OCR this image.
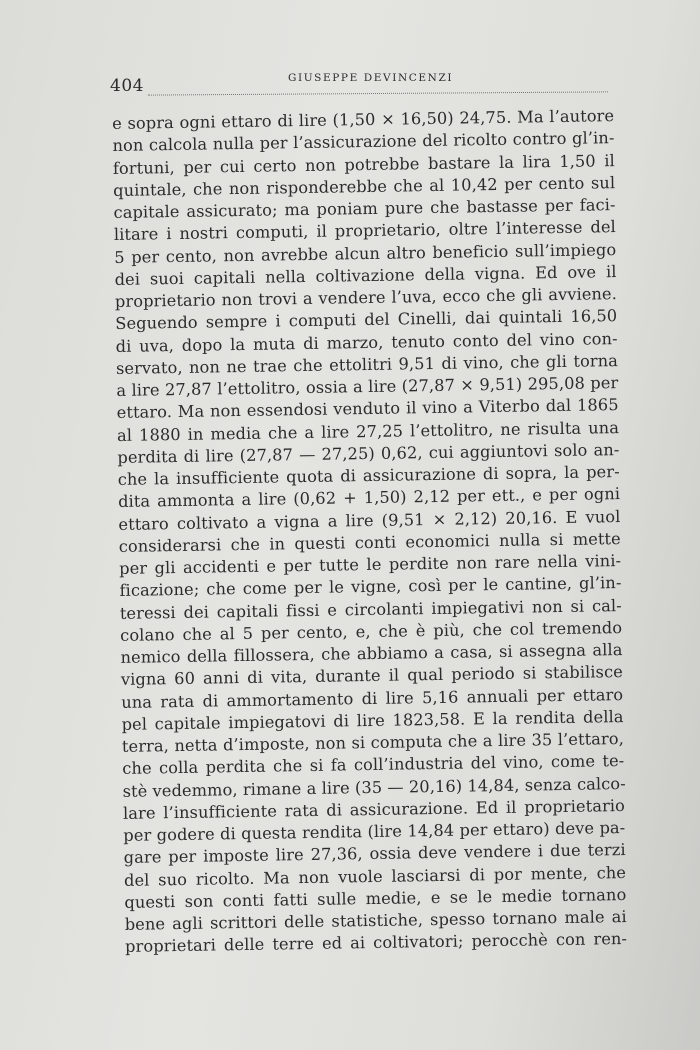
404	GIUSEPPE DEVINCENZI
e sopra ogni ettaro di lire (1,50 × 16,50) 24,75. Ma l’autore
non calcola nulla per l’assicurazione del ricolto contro gl’in-
fortuni, per cui certo non potrebbe bastare la lira 1,50 il
quintale, che non risponderebbe che al 10,42 per cento sul
capitale assicurato; ma poniam pure che bastasse per faci-
litare i nostri computi, il proprietario, oltre l’interesse del
5 per cento, non avrebbe alcun altro beneficio sull’impiego
dei suoi capitali nella coltivazione della vigna. Ed ove il
proprietario non trovi a vendere l’uva, ecco che gli avviene.
Seguendo sempre i computi del Cinelli, dai quintali 16,50
di uva, dopo la muta di marzo, tenuto conto del vino con-
servato, non ne trae che ettolitri 9,51 di vino, che gli torna
a lire 27,87 l’ettolitro, ossia a lire (27,87 × 9,51) 295,08 per
ettaro. Ma non essendosi venduto il vino a Viterbo dal 1865
al 1880 in media che a lire 27,25 l’ettolitro, ne risulta una
perdita di lire (27,87 — 27,25) 0,62, cui aggiuntovi solo an-
che la insufficiente quota di assicurazione di sopra, la per-
dita ammonta a lire (0,62 + 1,50) 2,12 per ett., e per ogni
ettaro coltivato a vigna a lire (9,51 × 2,12) 20,16. E vuol
considerarsi che in questi conti economici nulla si mette
per gli accidenti e per tutte le perdite non rare nella vini-
ficazione; che come per le vigne, così per le cantine, gl’in-
teressi dei capitali fissi e circolanti impiegativi non si cal-
colano che al 5 per cento, e, che è più, che col tremendo
nemico della fillossera, che abbiamo a casa, si assegna alla
vigna 60 anni di vita, durante il qual periodo si stabilisce
una rata di ammortamento di lire 5,16 annuali per ettaro
pel capitale impiegatovi di lire 1823,58. E la rendita della
terra, netta d’imposte, non si computa che a lire 35 l’ettaro,
che colla perdita che si fa coll’industria del vino, come te-
stè vedemmo, rimane a lire (35 — 20,16) 14,84, senza calco-
lare l’insufficiente rata di assicurazione. Ed il proprietario
per godere di questa rendita (lire 14,84 per ettaro) deve pa-
gare per imposte lire 27,36, ossia deve vendere i due terzi
del suo ricolto. Ma non vuole lasciarsi di por mente, che
questi son conti fatti sulle medie, e se le medie tornano
bene agli scrittori delle statistiche, spesso tornano male ai
proprietari delle terre ed ai coltivatori; perocchè con ren-
